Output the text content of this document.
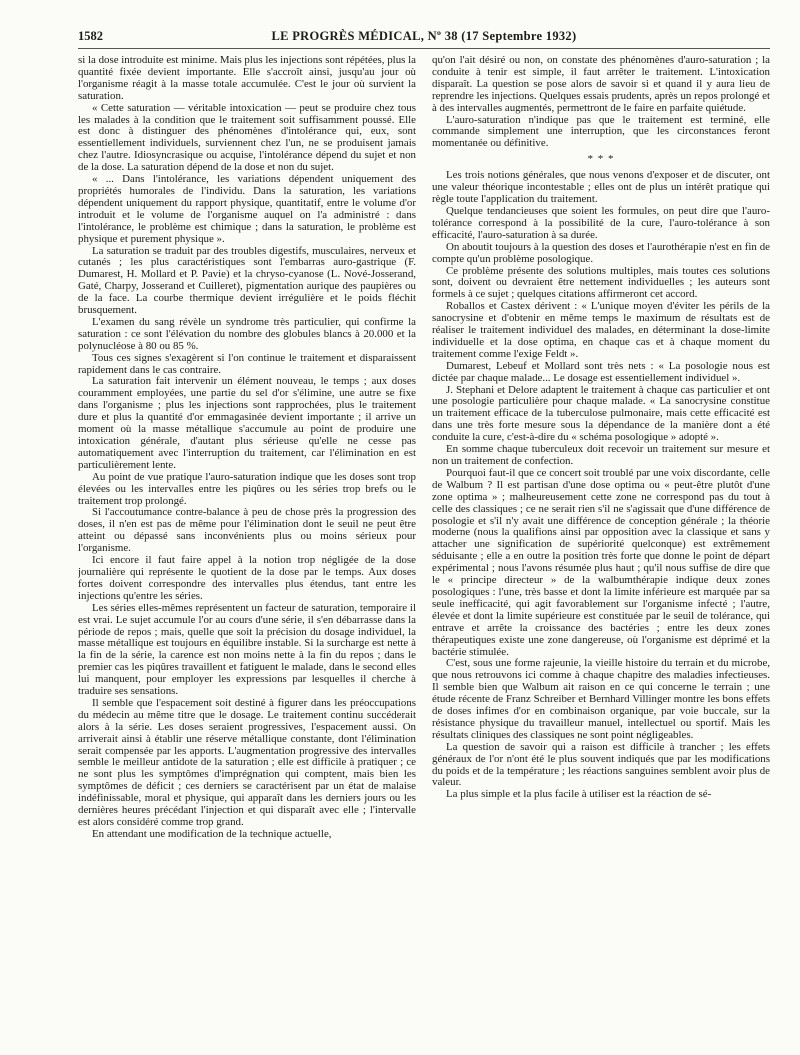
1582	LE PROGRÈS MÉDICAL, Nº 38 (17 Septembre 1932)

si la dose introduite est minime. Mais plus les injections sont répétées, plus la quantité fixée devient importante. Elle s'accroît ainsi, jusqu'au jour où l'organisme réagit à la masse totale accumulée. C'est le jour où survient la saturation.

« Cette saturation — véritable intoxication — peut se produire chez tous les malades à la condition que le traitement soit suffisamment poussé. Elle est donc à distinguer des phénomènes d'intolérance qui, eux, sont essentiellement individuels, surviennent chez l'un, ne se produisent jamais chez l'autre. Idiosyncrasique ou acquise, l'intolérance dépend du sujet et non de la dose. La saturation dépend de la dose et non du sujet.

« ... Dans l'intolérance, les variations dépendent uniquement des propriétés humorales de l'individu. Dans la saturation, les variations dépendent uniquement du rapport physique, quantitatif, entre le volume d'or introduit et le volume de l'organisme auquel on l'a administré : dans l'intolérance, le problème est chimique ; dans la saturation, le problème est physique et purement physique ».

La saturation se traduit par des troubles digestifs, musculaires, nerveux et cutanés ; les plus caractéristiques sont l'embarras auro-gastrique (F. Dumarest, H. Mollard et P. Pavie) et la chryso-cyanose (L. Nové-Josserand, Gaté, Charpy, Josserand et Cuilleret), pigmentation aurique des paupières ou de la face. La courbe thermique devient irrégulière et le poids fléchit brusquement.

L'examen du sang révèle un syndrome très particulier, qui confirme la saturation : ce sont l'élévation du nombre des globules blancs à 20.000 et la polynucléose à 80 ou 85 %.

Tous ces signes s'exagèrent si l'on continue le traitement et disparaissent rapidement dans le cas contraire.

La saturation fait intervenir un élément nouveau, le temps ; aux doses couramment employées, une partie du sel d'or s'élimine, une autre se fixe dans l'organisme ; plus les injections sont rapprochées, plus le traitement dure et plus la quantité d'or emmagasinée devient importante ; il arrive un moment où la masse métallique s'accumule au point de produire une intoxication générale, d'autant plus sérieuse qu'elle ne cesse pas automatiquement avec l'interruption du traitement, car l'élimination en est particulièrement lente.

Au point de vue pratique l'auro-saturation indique que les doses sont trop élevées ou les intervalles entre les piqûres ou les séries trop brefs ou le traitement trop prolongé.

Si l'accoutumance contre-balance à peu de chose près la progression des doses, il n'en est pas de même pour l'élimination dont le seuil ne peut être atteint ou dépassé sans inconvénients plus ou moins sérieux pour l'organisme.

Ici encore il faut faire appel à la notion trop négligée de la dose journalière qui représente le quotient de la dose par le temps. Aux doses fortes doivent correspondre des intervalles plus étendus, tant entre les injections qu'entre les séries.

Les séries elles-mêmes représentent un facteur de saturation, temporaire il est vrai. Le sujet accumule l'or au cours d'une série, il s'en débarrasse dans la période de repos ; mais, quelle que soit la précision du dosage individuel, la masse métallique est toujours en équilibre instable. Si la surcharge est nette à la fin de la série, la carence est non moins nette à la fin du repos ; dans le premier cas les piqûres travaillent et fatiguent le malade, dans le second elles lui manquent, pour employer les expressions par lesquelles il cherche à traduire ses sensations.

Il semble que l'espacement soit destiné à figurer dans les préoccupations du médecin au même titre que le dosage. Le traitement continu succéderait alors à la série. Les doses seraient progressives, l'espacement aussi. On arriverait ainsi à établir une réserve métallique constante, dont l'élimination serait compensée par les apports. L'augmentation progressive des intervalles semble le meilleur antidote de la saturation ; elle est difficile à pratiquer ; ce ne sont plus les symptômes d'imprégnation qui comptent, mais bien les symptômes de déficit ; ces derniers se caractérisent par un état de malaise indéfinissable, moral et physique, qui apparaît dans les derniers jours ou les dernières heures précédant l'injection et qui disparaît avec elle ; l'intervalle est alors considéré comme trop grand.

En attendant une modification de la technique actuelle,

qu'on l'ait désiré ou non, on constate des phénomènes d'auro-saturation ; la conduite à tenir est simple, il faut arrêter le traitement. L'intoxication disparaît. La question se pose alors de savoir si et quand il y aura lieu de reprendre les injections. Quelques essais prudents, après un repos prolongé et à des intervalles augmentés, permettront de le faire en parfaite quiétude.

L'auro-saturation n'indique pas que le traitement est terminé, elle commande simplement une interruption, que les circonstances feront momentanée ou définitive.

* * *

Les trois notions générales, que nous venons d'exposer et de discuter, ont une valeur théorique incontestable ; elles ont de plus un intérêt pratique qui règle toute l'application du traitement.

Quelque tendancieuses que soient les formules, on peut dire que l'auro-tolérance correspond à la possibilité de la cure, l'auro-tolérance à son efficacité, l'auro-saturation à sa durée.

On aboutit toujours à la question des doses et l'aurothérapie n'est en fin de compte qu'un problème posologique.

Ce problème présente des solutions multiples, mais toutes ces solutions sont, doivent ou devraient être nettement individuelles ; les auteurs sont formels à ce sujet ; quelques citations affirmeront cet accord.

Roballos et Castex dérivent : « L'unique moyen d'éviter les périls de la sanocrysine et d'obtenir en même temps le maximum de résultats est de réaliser le traitement individuel des malades, en déterminant la dose-limite individuelle et la dose optima, en chaque cas et à chaque moment du traitement comme l'exige Feldt ».

Dumarest, Lebeuf et Mollard sont très nets : « La posologie nous est dictée par chaque malade... Le dosage est essentiellement individuel ».

J. Stephani et Delore adaptent le traitement à chaque cas particulier et ont une posologie particulière pour chaque malade. « La sanocrysine constitue un traitement efficace de la tuberculose pulmonaire, mais cette efficacité est dans une très forte mesure sous la dépendance de la manière dont a été conduite la cure, c'est-à-dire du « schéma posologique » adopté ».

En somme chaque tuberculeux doit recevoir un traitement sur mesure et non un traitement de confection.

Pourquoi faut-il que ce concert soit troublé par une voix discordante, celle de Walbum ? Il est partisan d'une dose optima ou « peut-être plutôt d'une zone optima » ; malheureusement cette zone ne correspond pas du tout à celle des classiques ; ce ne serait rien s'il ne s'agissait que d'une différence de posologie et s'il n'y avait une différence de conception générale ; la théorie moderne (nous la qualifions ainsi par opposition avec la classique et sans y attacher une signification de supériorité quelconque) est extrêmement séduisante ; elle a en outre la position très forte que donne le point de départ expérimental ; nous l'avons résumée plus haut ; qu'il nous suffise de dire que le « principe directeur » de la walbumthérapie indique deux zones posologiques : l'une, très basse et dont la limite inférieure est marquée par sa seule inefficacité, qui agit favorablement sur l'organisme infecté ; l'autre, élevée et dont la limite supérieure est constituée par le seuil de tolérance, qui entrave et arrête la croissance des bactéries ; entre les deux zones thérapeutiques existe une zone dangereuse, où l'organisme est déprimé et la bactérie stimulée.

C'est, sous une forme rajeunie, la vieille histoire du terrain et du microbe, que nous retrouvons ici comme à chaque chapitre des maladies infectieuses. Il semble bien que Walbum ait raison en ce qui concerne le terrain ; une étude récente de Franz Schreiber et Bernhard Villinger montre les bons effets de doses infimes d'or en combinaison organique, par voie buccale, sur la résistance physique du travailleur manuel, intellectuel ou sportif. Mais les résultats cliniques des classiques ne sont point négligeables.

La question de savoir qui a raison est difficile à trancher ; les effets généraux de l'or n'ont été le plus souvent indiqués que par les modifications du poids et de la température ; les réactions sanguines semblent avoir plus de valeur.

La plus simple et la plus facile à utiliser est la réaction de sé-
